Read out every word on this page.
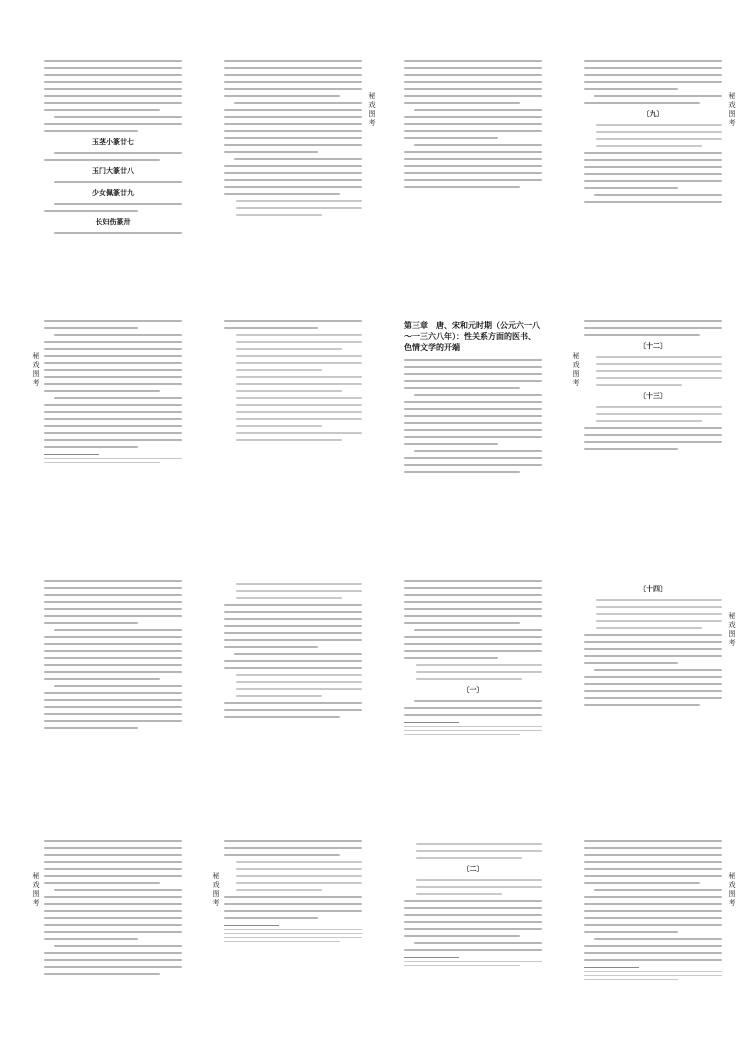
玉茎小篆廿七
玉门大篆廿八
少女佩篆廿九
长妇伤篆卅
秘戏图考
秘戏图考
〔九〕
秘戏图考
第三章　唐、宋和元时期（公元六一八～一三六八年）：性关系方面的医书、色情文学的开端
秘戏图考
〔十二〕
〔十三〕
〔一〕
秘戏图考
〔十四〕
秘戏图考
秘戏图考
〔二〕
秘戏图考
